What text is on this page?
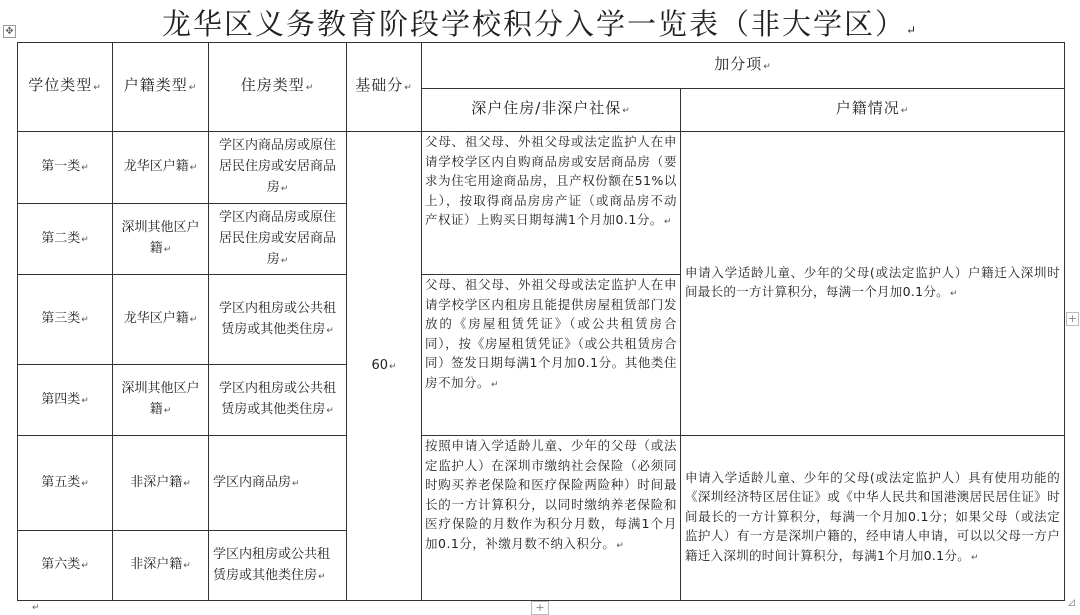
龙华区义务教育阶段学校积分入学一览表（非大学区）↵
✥
学位类型 ↵	户籍类型 ↵	住房类型 ↵	基础分 ↵	加分项 ↵
				深户住房/非深户社保 ↵	户籍情况 ↵
第一类 ↵	龙华区户籍 ↵	学区内商品房或原住居民住房或安居商品房 ↵	60 ↵	父母、祖父母、外祖父母或法定监护人在申请学校学区内自购商品房或安居商品房（要求为住宅用途商品房，且产权份额在51%以上），按取得商品房房产证（或商品房不动产权证）上购买日期每满1个月加0.1分。 ↵	申请入学适龄儿童、少年的父母(或法定监护人）户籍迁入深圳时间最长的一方计算积分，每满一个月加0.1分。 ↵
第二类 ↵	深圳其他区户籍 ↵	学区内商品房或原住居民住房或安居商品房 ↵
第三类 ↵	龙华区户籍 ↵	学区内租房或公共租赁房或其他类住房 ↵		父母、祖父母、外祖父母或法定监护人在申请学校学区内租房且能提供房屋租赁部门发放的《房屋租赁凭证》（或公共租赁房合同），按《房屋租赁凭证》（或公共租赁房合同）签发日期每满1个月加0.1分。其他类住房不加分。 ↵
第四类 ↵	深圳其他区户籍 ↵	学区内租房或公共租赁房或其他类住房 ↵
第五类 ↵	非深户籍 ↵	学区内商品房 ↵		按照申请入学适龄儿童、少年的父母（或法定监护人）在深圳市缴纳社会保险（必须同时购买养老保险和医疗保险两险种）时间最长的一方计算积分，以同时缴纳养老保险和医疗保险的月数作为积分月数，每满1个月加0.1分，补缴月数不纳入积分。 ↵	申请入学适龄儿童、少年的父母(或法定监护人）具有使用功能的《深圳经济特区居住证》或《中华人民共和国港澳居民居住证》时间最长的一方计算积分，每满一个月加0.1分；如果父母（或法定监护人）有一方是深圳户籍的，经申请人申请，可以以父母一方户籍迁入深圳的时间计算积分，每满1个月加0.1分。 ↵
第六类 ↵	非深户籍 ↵	学区内租房或公共租赁房或其他类住房 ↵
+
+
↵	◿
